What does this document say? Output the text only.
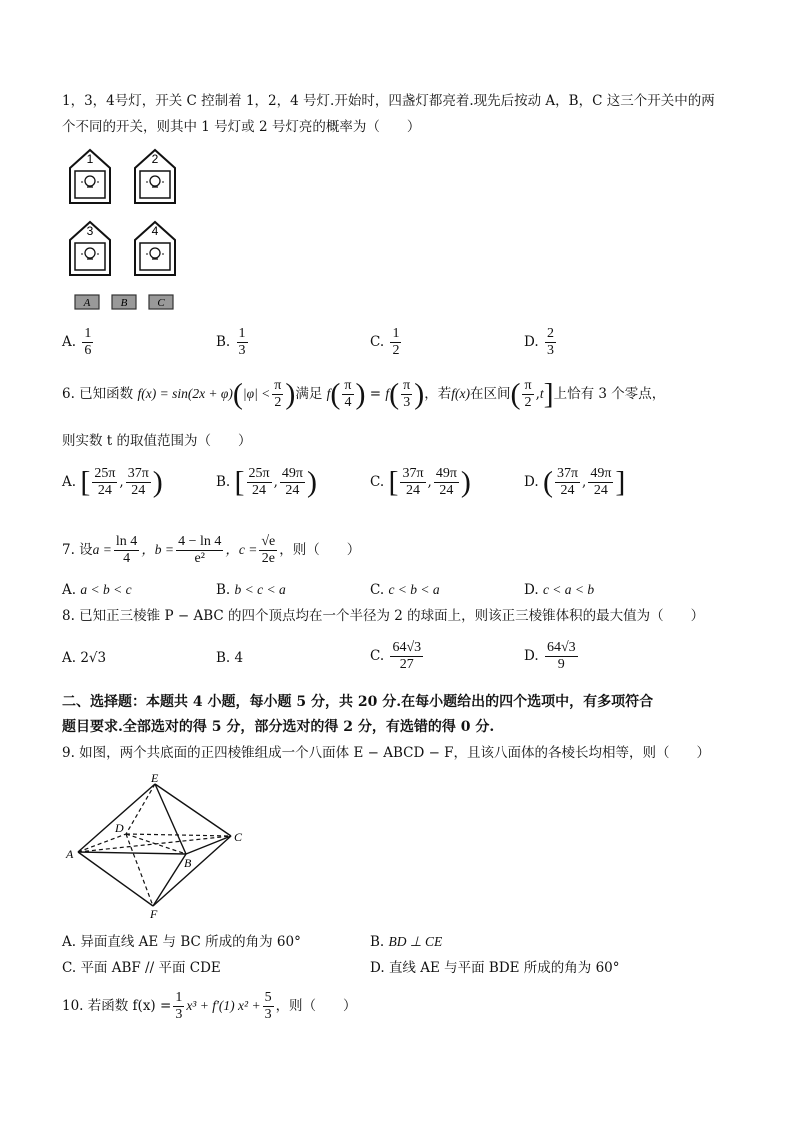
1，3，4号灯，开关 C 控制着 1，2，4 号灯.开始时，四盏灯都亮着.现先后按动 A，B，C 这三个开关中的两
个不同的开关，则其中 1 号灯或 2 号灯亮的概率为（　　）
1	2
3	4
A	B	C
A. $\frac{1}{6}$	B. $\frac{1}{3}$	C. $\frac{1}{2}$	D. $\frac{2}{3}$
6. 已知函数 $f(x) = \sin(2x + \varphi)(|\varphi| < \frac{\pi}{2}$ )满足 $f( \frac{\pi}{4}$ ) = $f( \frac{\pi}{3}$ )，若f(x)在区间( $\frac{\pi}{2} ,t$]上恰有 3 个零点，
则实数 t 的取值范围为（　　）
A. [ $\frac{25\pi}{24}$ , $\frac{37\pi}{24}$ )	B. [ $\frac{25\pi}{24}$ , $\frac{49\pi}{24}$ )	C. [ $\frac{37\pi}{24}$ , $\frac{49\pi}{24}$ )	D. ( $\frac{37\pi}{24}$ , $\frac{49\pi}{24}$ ]
7. 设$a = \frac{\ln 4}{4}$ ，$b = \frac{4 - \ln 4}{\text{e²}}$ ，$c = \frac{√e}{2e}$ ，则（　　）
A. a < b < c	B. b < c < a	C. c < b < a	D. c < a < b
8. 已知正三棱锥 P − ABC 的四个顶点均在一个半径为 2 的球面上，则该正三棱锥体积的最大值为（　　）
A. 2√3	B. 4	C. $\frac{64√3}{27}$	D. $\frac{64√3}{9}$
二、选择题：本题共 4 小题，每小题 5 分，共 20 分.在每小题给出的四个选项中，有多项符合
题目要求.全部选对的得 5 分，部分选对的得 2 分，有选错的得 0 分.
9. 如图，两个共底面的正四棱锥组成一个八面体 E − ABCD − F，且该八面体的各棱长均相等，则（　　）
E
D
C
A
B
F
A. 异面直线 AE 与 BC 所成的角为 60°	B. BD ⊥ CE
C. 平面 ABF // 平面 CDE	D. 直线 AE 与平面 BDE 所成的角为 60°
10. 若函数 $f(x) = \frac{1}{3} x^3 + f'(1) x^2 + \frac{5}{3}$ ，则（　　）
